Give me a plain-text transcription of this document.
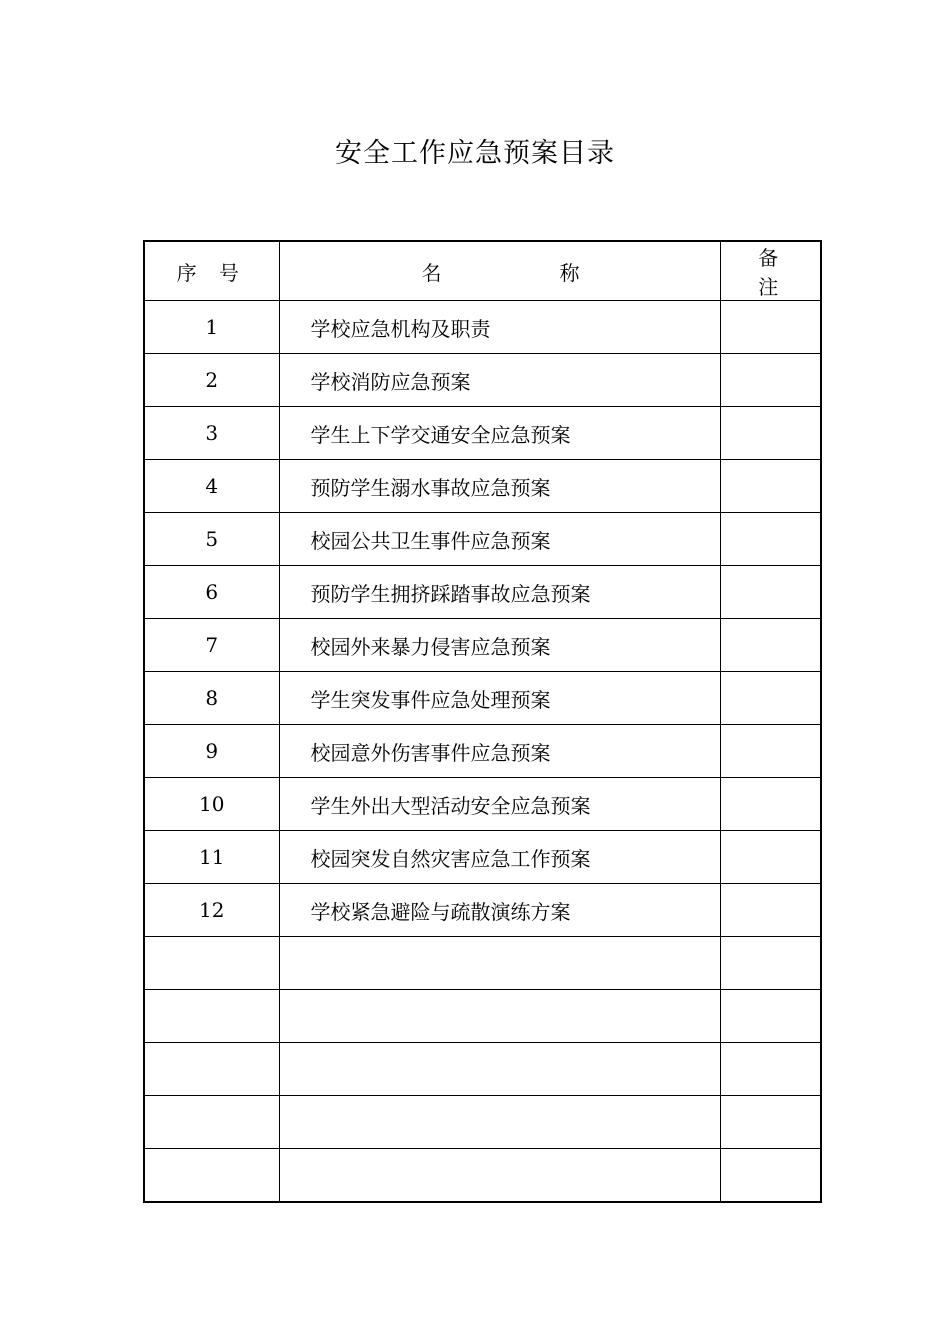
安全工作应急预案目录
序 号	名 称	备 注
1	学校应急机构及职责	
2	学校消防应急预案	
3	学生上下学交通安全应急预案	
4	预防学生溺水事故应急预案	
5	校园公共卫生事件应急预案	
6	预防学生拥挤踩踏事故应急预案	
7	校园外来暴力侵害应急预案	
8	学生突发事件应急处理预案	
9	校园意外伤害事件应急预案	
10	学生外出大型活动安全应急预案	
11	校园突发自然灾害应急工作预案	
12	学校紧急避险与疏散演练方案	
